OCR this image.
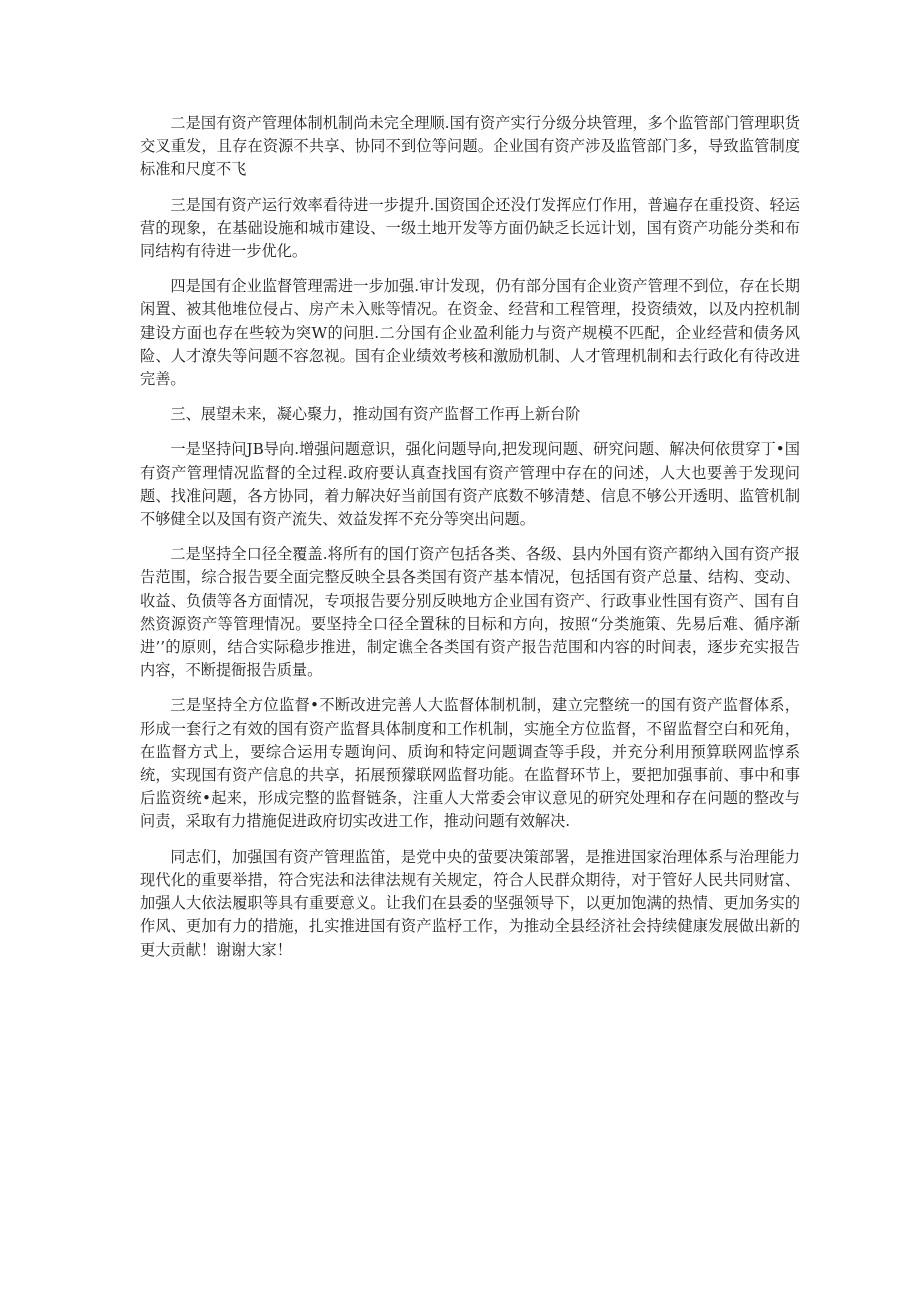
二是国有资产管理体制机制尚未完全理顺.国有资产实行分级分块管理，多个监管部门管理职货交叉重发，且存在资源不共享、协同不到位等问题。企业国有资产涉及监管部门多，导致监管制度标准和尺度不飞

三是国有资产运行效率看待进一步提升.国资国企还没仃发挥应仃作用，普遍存在重投资、轻运营的现象，在基础设施和城市建设、一级土地开发等方面仍缺乏长远计划，国有资产功能分类和布同结构有待进一步优化。

四是国有企业监督管理需进一步加强.审计发现，仍有部分国有企业资产管理不到位，存在长期闲置、被其他堆位侵占、房产未入账等情况。在资金、经营和工程管理，投资绩效，以及内控机制建设方面也存在些较为突W的问胆.二分国有企业盈利能力与资产规模不匹配，企业经营和债务风险、人才潦失等问题不容忽视。国有企业绩效考核和激励机制、人才管理机制和去行政化有待改进完善。

三、展望未来，凝心聚力，推动国有资产监督工作再上新台阶

一是坚持问JB导向.增强问题意识，强化问题导向,把发现问题、研究问题、解决何依贯穿丁•国有资产管理情况监督的全过程.政府要认真查找国有资产管理中存在的问述，人大也要善于发现问题、找准问题，各方协同，着力解决好当前国有资产底数不够清楚、信息不够公开透明、监管机制不够健全以及国有资产流失、效益发挥不充分等突出问题。

二是坚持全口径全覆盖.将所有的国仃资产包括各类、各级、县内外国有资产都纳入国有资产报告范围，综合报告要全面完整反映全县各类国有资产基本情况，包括国有资产总量、结构、变动、收益、负债等各方面情况，专项报告要分别反映地方企业国有资产、行政事业性国有资产、国有自然资源资产等管理情况。要坚持全口径全置秣的目标和方向，按照“分类施策、先易后难、循序渐进’’的原则，结合实际稳步推进，制定谯全各类国有资产报告范围和内容的时间表，逐步充实报告内容，不断提衙报告质量。

三是坚持全方位监督•不断改进完善人大监督体制机制，建立完整统一的国有资产监督体系，形成一套行之有效的国有资产监督具体制度和工作机制，实施全方位监督，不留监督空白和死角，在监督方式上，要综合运用专题询问、质询和特定问题调查等手段，并充分利用预算联网监惇系统，实现国有资产信息的共享，拓展预獴联网监督功能。在监督环节上，要把加强事前、事中和事后监资统•起来，形成完整的监督链条，注重人大常委会审议意见的研究处理和存在问题的整改与问责，采取有力措施促进政府切实改进工作，推动问题有效解决.

同志们，加强国有资产管理监笛，是党中央的萤要决策部署，是推进国家治理体系与治理能力现代化的重要举措，符合宪法和法律法规有关规定，符合人民群众期待，对于管好人民共同财富、加强人大依法履职等具有重要意义。让我们在县委的坚强领导下，以更加饱满的热情、更加务实的作风、更加有力的措施，扎实推进国有资产监杼工作，为推动全县经济社会持续健康发展做出新的更大贡献！谢谢大家！
